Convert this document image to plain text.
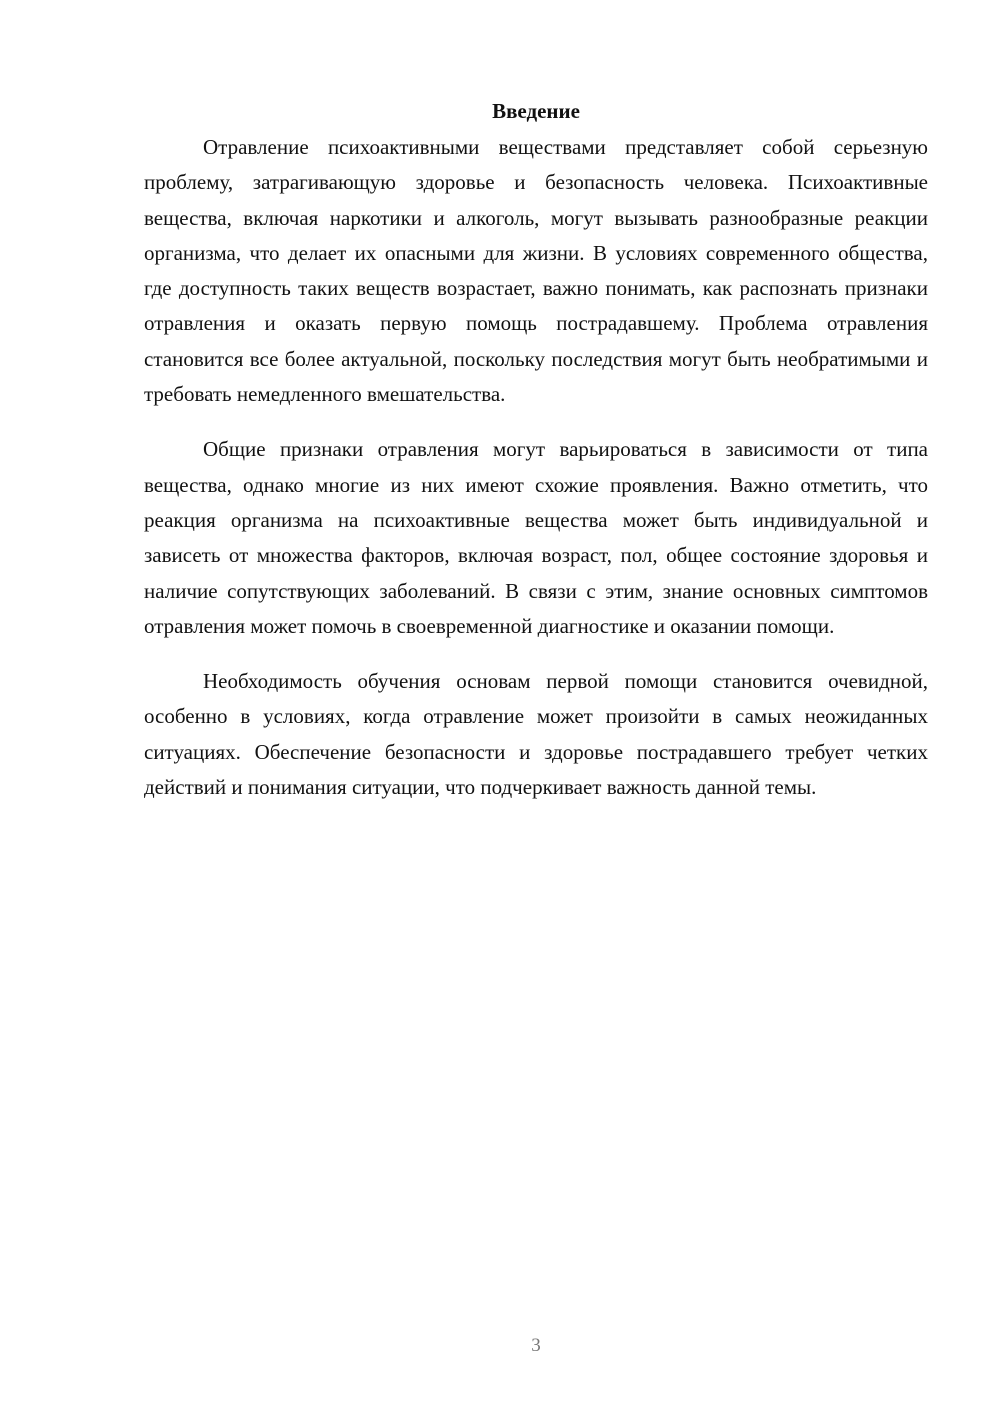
Введение

Отравление психоактивными веществами представляет собой серьезную проблему, затрагивающую здоровье и безопасность человека. Психоактивные вещества, включая наркотики и алкоголь, могут вызывать разнообразные реакции организма, что делает их опасными для жизни. В условиях современного общества, где доступность таких веществ возрастает, важно понимать, как распознать признаки отравления и оказать первую помощь пострадавшему. Проблема отравления становится все более актуальной, поскольку последствия могут быть необратимыми и требовать немедленного вмешательства.

Общие признаки отравления могут варьироваться в зависимости от типа вещества, однако многие из них имеют схожие проявления. Важно отметить, что реакция организма на психоактивные вещества может быть индивидуальной и зависеть от множества факторов, включая возраст, пол, общее состояние здоровья и наличие сопутствующих заболеваний. В связи с этим, знание основных симптомов отравления может помочь в своевременной диагностике и оказании помощи.

Необходимость обучения основам первой помощи становится очевидной, особенно в условиях, когда отравление может произойти в самых неожиданных ситуациях. Обеспечение безопасности и здоровье пострадавшего требует четких действий и понимания ситуации, что подчеркивает важность данной темы.

3
